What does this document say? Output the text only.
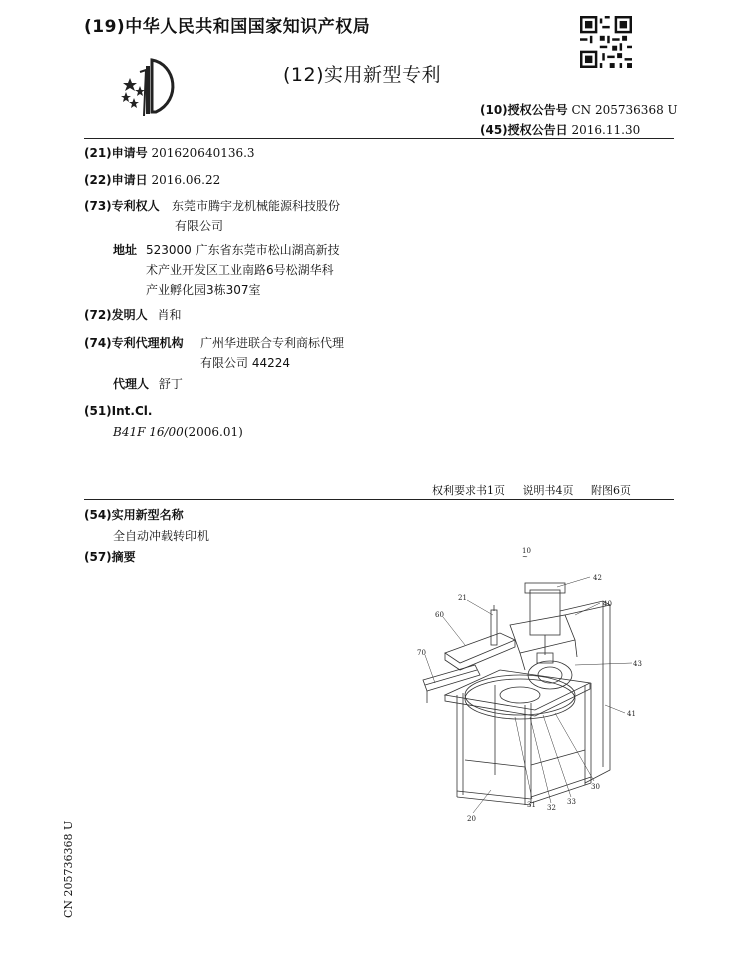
(19)中华人民共和国国家知识产权局
(12)实用新型专利
(10)授权公告号 CN 205736368 U
(45)授权公告日 2016.11.30
(21)申请号 201620640136.3
(22)申请日 2016.06.22
(73)专利权人 东莞市腾宇龙机械能源科技股份
有限公司
地址 523000 广东省东莞市松山湖高新技
术产业开发区工业南路6号松湖华科
产业孵化园3栋307室
(72)发明人 肖和
(74)专利代理机构 广州华进联合专利商标代理
有限公司 44224
代理人 舒丁
(51)Int.Cl.
B41F 16/00(2006.01)
权利要求书1页 说明书4页 附图6页
(54)实用新型名称
全自动冲载转印机
(57)摘要	10
~
42
40
21
60
70
43
41
30
33
32
31
20
CN 205736368 U
